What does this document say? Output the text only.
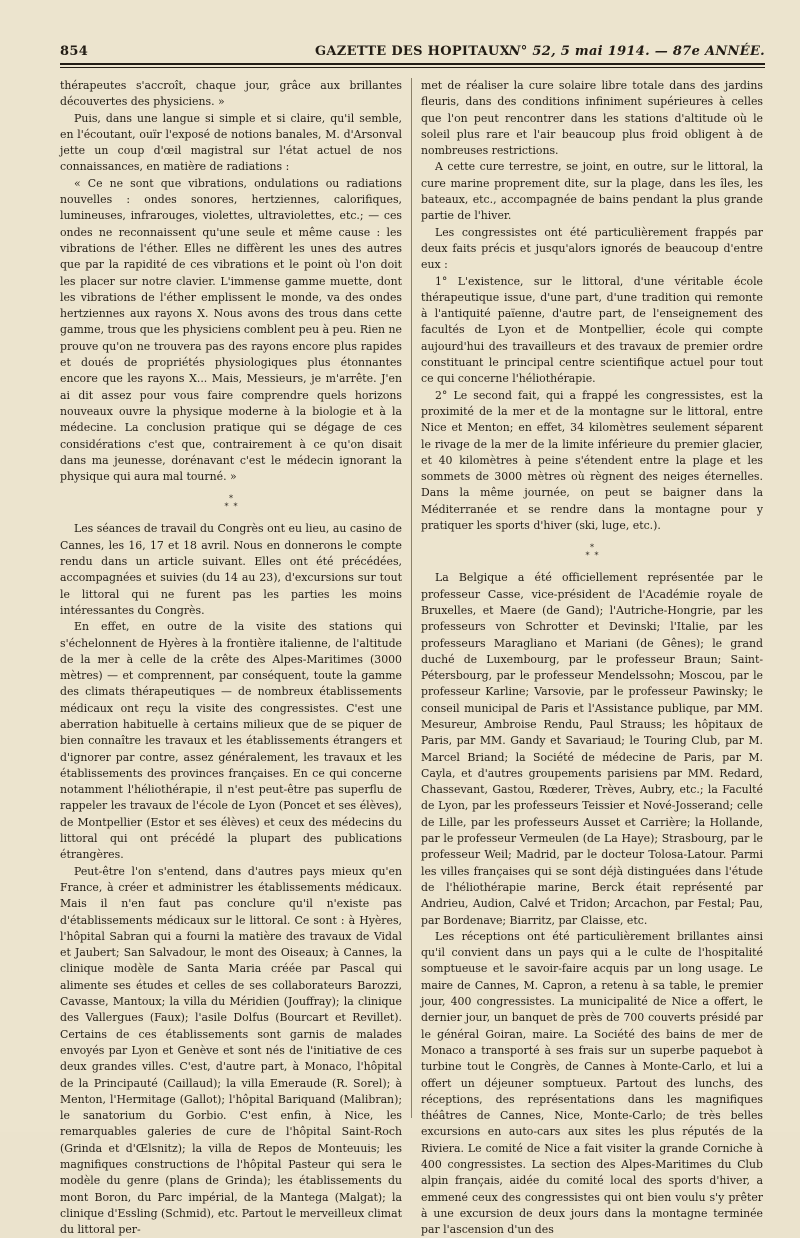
854	GAZETTE DES HOPITAUX
N° 52, 5 mai 1914. — 87e ANNÉE.

thérapeutes s'accroît, chaque jour, grâce aux brillantes découvertes des physiciens. »

Puis, dans une langue si simple et si claire, qu'il semble, en l'écoutant, ouïr l'exposé de notions banales, M. d'Arsonval jette un coup d'œil magistral sur l'état actuel de nos connaissances, en matière de radiations :

« Ce ne sont que vibrations, ondulations ou radiations nouvelles : ondes sonores, hertziennes, calorifiques, lumineuses, infrarouges, violettes, ultraviolettes, etc.; — ces ondes ne reconnaissent qu'une seule et même cause : les vibrations de l'éther. Elles ne diffèrent les unes des autres que par la rapidité de ces vibrations et le point où l'on doit les placer sur notre clavier. L'immense gamme muette, dont les vibrations de l'éther emplissent le monde, va des ondes hertziennes aux rayons X. Nous avons des trous dans cette gamme, trous que les physiciens comblent peu à peu. Rien ne prouve qu'on ne trouvera pas des rayons encore plus rapides et doués de propriétés physiologiques plus étonnantes encore que les rayons X... Mais, Messieurs, je m'arrête. J'en ai dit assez pour vous faire comprendre quels horizons nouveaux ouvre la physique moderne à la biologie et à la médecine. La conclusion pratique qui se dégage de ces considérations c'est que, contrairement à ce qu'on disait dans ma jeunesse, dorénavant c'est le médecin ignorant la physique qui aura mal tourné. »

*
* *

Les séances de travail du Congrès ont eu lieu, au casino de Cannes, les 16, 17 et 18 avril. Nous en donnerons le compte rendu dans un article suivant. Elles ont été précédées, accompagnées et suivies (du 14 au 23), d'excursions sur tout le littoral qui ne furent pas les parties les moins intéressantes du Congrès.

En effet, en outre de la visite des stations qui s'échelonnent de Hyères à la frontière italienne, de l'altitude de la mer à celle de la crête des Alpes-Maritimes (3000 mètres) — et comprennent, par conséquent, toute la gamme des climats thérapeutiques — de nombreux établissements médicaux ont reçu la visite des congressistes. C'est une aberration habituelle à certains milieux que de se piquer de bien connaître les travaux et les établissements étrangers et d'ignorer par contre, assez généralement, les travaux et les établissements des provinces françaises. En ce qui concerne notamment l'héliothérapie, il n'est peut-être pas superflu de rappeler les travaux de l'école de Lyon (Poncet et ses élèves), de Montpellier (Estor et ses élèves) et ceux des médecins du littoral qui ont précédé la plupart des publications étrangères.

Peut-être l'on s'entend, dans d'autres pays mieux qu'en France, à créer et administrer les établissements médicaux. Mais il n'en faut pas conclure qu'il n'existe pas d'établissements médicaux sur le littoral. Ce sont : à Hyères, l'hôpital Sabran qui a fourni la matière des travaux de Vidal et Jaubert; San Salvadour, le mont des Oiseaux; à Cannes, la clinique modèle de Santa Maria créée par Pascal qui alimente ses études et celles de ses collaborateurs Barozzi, Cavasse, Mantoux; la villa du Méridien (Jouffray); la clinique des Vallergues (Faux); l'asile Dolfus (Bourcart et Revillet). Certains de ces établissements sont garnis de malades envoyés par Lyon et Genève et sont nés de l'initiative de ces deux grandes villes. C'est, d'autre part, à Monaco, l'hôpital de la Principauté (Caillaud); la villa Emeraude (R. Sorel); à Menton, l'Hermitage (Gallot); l'hôpital Bariquand (Malibran); le sanatorium du Gorbio. C'est enfin, à Nice, les remarquables galeries de cure de l'hôpital Saint-Roch (Grinda et d'Œlsnitz); la villa de Repos de Monteuuis; les magnifiques constructions de l'hôpital Pasteur qui sera le modèle du genre (plans de Grinda); les établissements du mont Boron, du Parc impérial, de la Mantega (Malgat); la clinique d'Essling (Schmid), etc. Partout le merveilleux climat du littoral per-

met de réaliser la cure solaire libre totale dans des jardins fleuris, dans des conditions infiniment supérieures à celles que l'on peut rencontrer dans les stations d'altitude où le soleil plus rare et l'air beaucoup plus froid obligent à de nombreuses restrictions.

A cette cure terrestre, se joint, en outre, sur le littoral, la cure marine proprement dite, sur la plage, dans les îles, les bateaux, etc., accompagnée de bains pendant la plus grande partie de l'hiver.

Les congressistes ont été particulièrement frappés par deux faits précis et jusqu'alors ignorés de beaucoup d'entre eux :

1° L'existence, sur le littoral, d'une véritable école thérapeutique issue, d'une part, d'une tradition qui remonte à l'antiquité païenne, d'autre part, de l'enseignement des facultés de Lyon et de Montpellier, école qui compte aujourd'hui des travailleurs et des travaux de premier ordre constituant le principal centre scientifique actuel pour tout ce qui concerne l'héliothérapie.

2° Le second fait, qui a frappé les congressistes, est la proximité de la mer et de la montagne sur le littoral, entre Nice et Menton; en effet, 34 kilomètres seulement séparent le rivage de la mer de la limite inférieure du premier glacier, et 40 kilomètres à peine s'étendent entre la plage et les sommets de 3000 mètres où règnent des neiges éternelles. Dans la même journée, on peut se baigner dans la Méditerranée et se rendre dans la montagne pour y pratiquer les sports d'hiver (ski, luge, etc.).

*
* *

La Belgique a été officiellement représentée par le professeur Casse, vice-président de l'Académie royale de Bruxelles, et Maere (de Gand); l'Autriche-Hongrie, par les professeurs von Schrotter et Devinski; l'Italie, par les professeurs Maragliano et Mariani (de Gênes); le grand duché de Luxembourg, par le professeur Braun; Saint-Pétersbourg, par le professeur Mendelssohn; Moscou, par le professeur Karline; Varsovie, par le professeur Pawinsky; le conseil municipal de Paris et l'Assistance publique, par MM. Mesureur, Ambroise Rendu, Paul Strauss; les hôpitaux de Paris, par MM. Gandy et Savariaud; le Touring Club, par M. Marcel Briand; la Société de médecine de Paris, par M. Cayla, et d'autres groupements parisiens par MM. Redard, Chassevant, Gastou, Rœderer, Trèves, Aubry, etc.; la Faculté de Lyon, par les professeurs Teissier et Nové-Josserand; celle de Lille, par les professeurs Ausset et Carrière; la Hollande, par le professeur Vermeulen (de La Haye); Strasbourg, par le professeur Weil; Madrid, par le docteur Tolosa-Latour. Parmi les villes françaises qui se sont déjà distinguées dans l'étude de l'héliothérapie marine, Berck était représenté par Andrieu, Audion, Calvé et Tridon; Arcachon, par Festal; Pau, par Bordenave; Biarritz, par Claisse, etc.

Les réceptions ont été particulièrement brillantes ainsi qu'il convient dans un pays qui a le culte de l'hospitalité somptueuse et le savoir-faire acquis par un long usage. Le maire de Cannes, M. Capron, a retenu à sa table, le premier jour, 400 congressistes. La municipalité de Nice a offert, le dernier jour, un banquet de près de 700 couverts présidé par le général Goiran, maire. La Société des bains de mer de Monaco a transporté à ses frais sur un superbe paquebot à turbine tout le Congrès, de Cannes à Monte-Carlo, et lui a offert un déjeuner somptueux. Partout des lunchs, des réceptions, des représentations dans les magnifiques théâtres de Cannes, Nice, Monte-Carlo; de très belles excursions en auto-cars aux sites les plus réputés de la Riviera. Le comité de Nice a fait visiter la grande Corniche à 400 congressistes. La section des Alpes-Maritimes du Club alpin français, aidée du comité local des sports d'hiver, a emmené ceux des congressistes qui ont bien voulu s'y prêter à une excursion de deux jours dans la montagne terminée par l'ascension d'un des
